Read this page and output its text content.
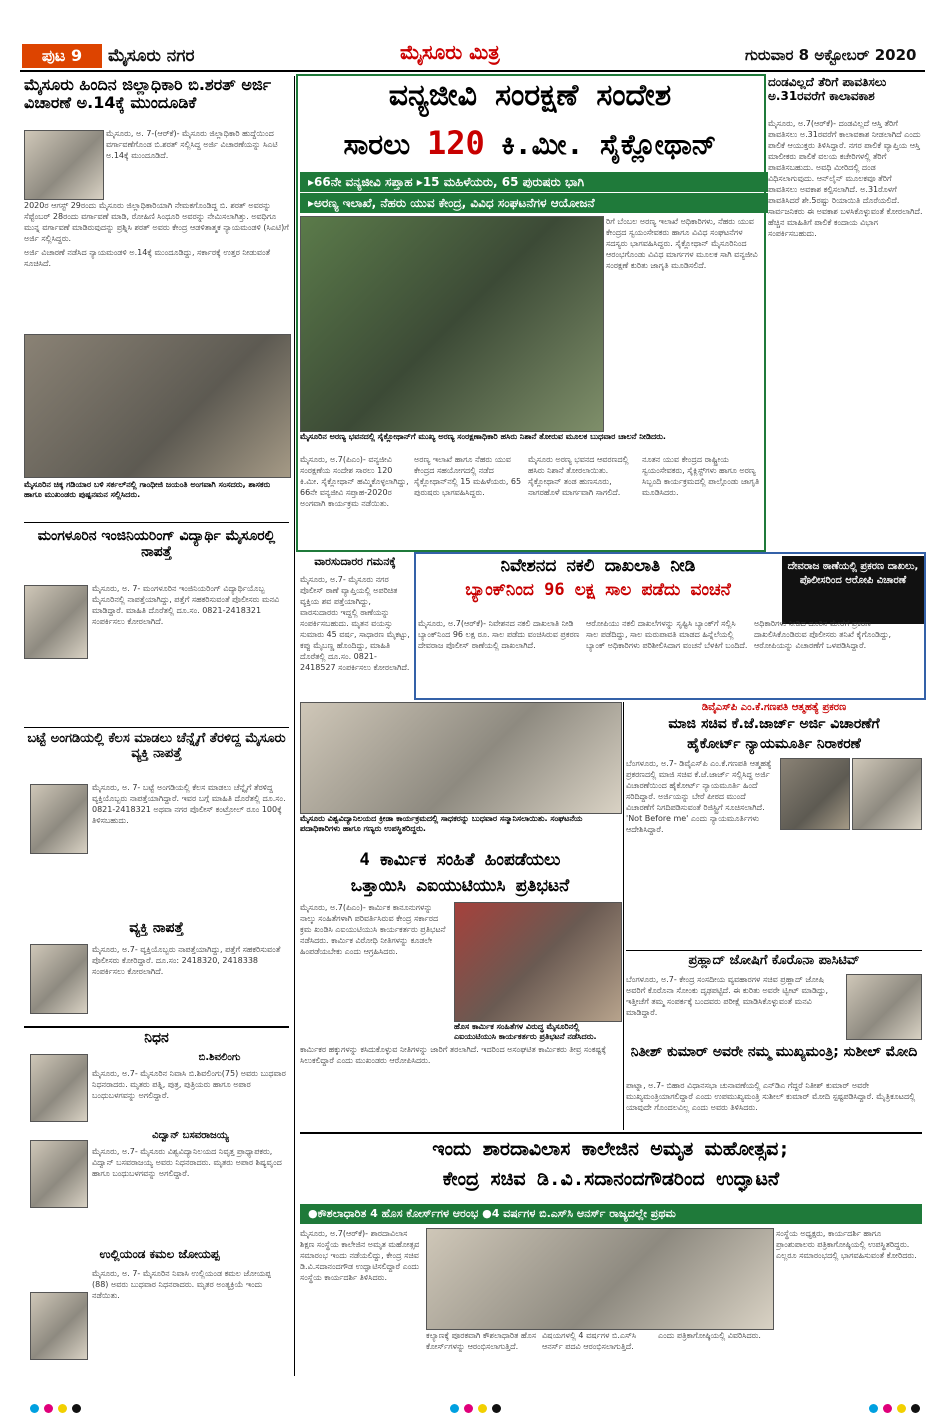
ಪುಟ 9	ಮೈಸೂರು ನಗರ	ಮೈಸೂರು ಮಿತ್ರ	ಗುರುವಾರ 8 ಅಕ್ಟೋಬರ್ 2020
ಮೈಸೂರು ಹಿಂದಿನ ಜಿಲ್ಲಾಧಿಕಾರಿ ಬಿ.ಶರತ್ ಅರ್ಜಿ ವಿಚಾರಣೆ ಅ.14ಕ್ಕೆ ಮುಂದೂಡಿಕೆ

ಮೈಸೂರು, ಅ. 7-(ಆರ್‌ಕೆ)- ಮೈಸೂರು ಜಿಲ್ಲಾಧಿಕಾರಿ ಹುದ್ದೆಯಿಂದ ವರ್ಗಾವಣೆಗೊಂಡ ಬಿ.ಶರತ್ ಸಲ್ಲಿಸಿದ್ದ ಅರ್ಜಿ ವಿಚಾರಣೆಯನ್ನು ಸಿಎಟಿ ಅ.14ಕ್ಕೆ ಮುಂದೂಡಿದೆ.

2020ರ ಆಗಸ್ಟ್ 29ರಂದು ಮೈಸೂರು ಜಿಲ್ಲಾಧಿಕಾರಿಯಾಗಿ ನೇಮಕಗೊಂಡಿದ್ದ ಬಿ. ಶರತ್ ಅವರನ್ನು ಸೆಪ್ಟೆಂಬರ್ 28ರಂದು ವರ್ಗಾವಣೆ ಮಾಡಿ, ರೋಹಿಣಿ ಸಿಂಧೂರಿ ಅವರನ್ನು ನೇಮಿಸಲಾಗಿತ್ತು. ಅವಧಿಗೂ ಮುನ್ನ ವರ್ಗಾವಣೆ ಮಾಡಿರುವುದನ್ನು ಪ್ರಶ್ನಿಸಿ ಶರತ್ ಅವರು ಕೇಂದ್ರ ಆಡಳಿತಾತ್ಮಕ ನ್ಯಾಯಮಂಡಳಿ (ಸಿಎಟಿ)ಗೆ ಅರ್ಜಿ ಸಲ್ಲಿಸಿದ್ದರು.

ಅರ್ಜಿ ವಿಚಾರಣೆ ನಡೆಸಿದ ನ್ಯಾಯಮಂಡಳಿ ಅ.14ಕ್ಕೆ ಮುಂದೂಡಿದ್ದು, ಸರ್ಕಾರಕ್ಕೆ ಉತ್ತರ ನೀಡುವಂತೆ ಸೂಚಿಸಿದೆ.

ಮೈಸೂರಿನ ಚಿಕ್ಕ ಗಡಿಯಾರ ಬಳಿ ಸರ್ಕಲ್‌ನಲ್ಲಿ ಗಾಂಧೀಜಿ ಜಯಂತಿ ಅಂಗವಾಗಿ ಸಂಸದರು, ಶಾಸಕರು ಹಾಗೂ ಮುಖಂಡರು ಪುಷ್ಪನಮನ ಸಲ್ಲಿಸಿದರು.
ಮಂಗಳೂರಿನ ಇಂಜಿನಿಯರಿಂಗ್ ವಿದ್ಯಾರ್ಥಿ ಮೈಸೂರಲ್ಲಿ ನಾಪತ್ತೆ
ಮೈಸೂರು, ಅ. 7- ಮಂಗಳೂರಿನ ಇಂಜಿನಿಯರಿಂಗ್ ವಿದ್ಯಾರ್ಥಿಯೊಬ್ಬ ಮೈಸೂರಿನಲ್ಲಿ ನಾಪತ್ತೆಯಾಗಿದ್ದು, ಪತ್ತೆಗೆ ಸಹಕರಿಸುವಂತೆ ಪೊಲೀಸರು ಮನವಿ ಮಾಡಿದ್ದಾರೆ. ಮಾಹಿತಿ ದೊರೆತಲ್ಲಿ ದೂ.ಸಂ. 0821-2418321 ಸಂಪರ್ಕಿಸಲು ಕೋರಲಾಗಿದೆ.
ಬಟ್ಟೆ ಅಂಗಡಿಯಲ್ಲಿ ಕೆಲಸ ಮಾಡಲು ಚೆನ್ನೈಗೆ ತೆರಳಿದ್ದ ಮೈಸೂರು ವ್ಯಕ್ತಿ ನಾಪತ್ತೆ
ಮೈಸೂರು, ಅ. 7- ಬಟ್ಟೆ ಅಂಗಡಿಯಲ್ಲಿ ಕೆಲಸ ಮಾಡಲು ಚೆನ್ನೈಗೆ ತೆರಳಿದ್ದ ವ್ಯಕ್ತಿಯೊಬ್ಬರು ನಾಪತ್ತೆಯಾಗಿದ್ದಾರೆ. ಇವರ ಬಗ್ಗೆ ಮಾಹಿತಿ ದೊರೆತಲ್ಲಿ ದೂ.ಸಂ. 0821-2418321 ಅಥವಾ ನಗರ ಪೊಲೀಸ್ ಕಂಟ್ರೋಲ್ ರೂಂ 100ಕ್ಕೆ ತಿಳಿಸಬಹುದು.
ವ್ಯಕ್ತಿ ನಾಪತ್ತೆ
ಮೈಸೂರು, ಅ.7- ವ್ಯಕ್ತಿಯೊಬ್ಬರು ನಾಪತ್ತೆಯಾಗಿದ್ದು, ಪತ್ತೆಗೆ ಸಹಕರಿಸುವಂತೆ ಪೊಲೀಸರು ಕೋರಿದ್ದಾರೆ. ದೂ.ಸಂ: 2418320, 2418338 ಸಂಪರ್ಕಿಸಲು ಕೋರಲಾಗಿದೆ.
ನಿಧನ
ಬಿ.ಶಿವಲಿಂಗು
ಮೈಸೂರು, ಅ.7- ಮೈಸೂರಿನ ನಿವಾಸಿ ಬಿ.ಶಿವಲಿಂಗು(75) ಅವರು ಬುಧವಾರ ನಿಧನರಾದರು. ಮೃತರು ಪತ್ನಿ, ಪುತ್ರ, ಪುತ್ರಿಯರು ಹಾಗೂ ಅಪಾರ ಬಂಧುಬಳಗವನ್ನು ಅಗಲಿದ್ದಾರೆ.
ವಿದ್ವಾನ್ ಬಸವರಾಜಯ್ಯ
ಮೈಸೂರು, ಅ.7- ಮೈಸೂರು ವಿಶ್ವವಿದ್ಯಾನಿಲಯದ ನಿವೃತ್ತ ಪ್ರಾಧ್ಯಾಪಕರು, ವಿದ್ವಾನ್ ಬಸವರಾಜಯ್ಯ ಅವರು ನಿಧನರಾದರು. ಮೃತರು ಅಪಾರ ಶಿಷ್ಯವೃಂದ ಹಾಗೂ ಬಂಧುಬಳಗವನ್ನು ಅಗಲಿದ್ದಾರೆ.
ಉಲ್ಲಿಯಂಡ ಕಮಲ ಜೋಯಪ್ಪ
ಮೈಸೂರು, ಅ. 7- ಮೈಸೂರಿನ ನಿವಾಸಿ ಉಲ್ಲಿಯಂಡ ಕಮಲ ಜೋಯಪ್ಪ (88) ಅವರು ಬುಧವಾರ ನಿಧನರಾದರು. ಮೃತರ ಅಂತ್ಯಕ್ರಿಯೆ ಇಂದು ನಡೆಯಿತು.
ವನ್ಯಜೀವಿ ಸಂರಕ್ಷಣೆ ಸಂದೇಶ
ಸಾರಲು 120 ಕಿ.ಮೀ. ಸೈಕ್ಲೋಥಾನ್
▸66ನೇ ವನ್ಯಜೀವಿ ಸಪ್ತಾಹ ▸15 ಮಹಿಳೆಯರು, 65 ಪುರುಷರು ಭಾಗಿ
▸ಅರಣ್ಯ ಇಲಾಖೆ, ನೆಹರು ಯುವ ಕೇಂದ್ರ, ವಿವಿಧ ಸಂಘಟನೆಗಳ ಆಯೋಜನೆ
ರಿಗೆ ಬೆಂಬಲ ಅರಣ್ಯ ಇಲಾಖೆ ಅಧಿಕಾರಿಗಳು, ನೆಹರು ಯುವ ಕೇಂದ್ರದ ಸ್ವಯಂಸೇವಕರು ಹಾಗೂ ವಿವಿಧ ಸಂಘಟನೆಗಳ ಸದಸ್ಯರು ಭಾಗವಹಿಸಿದ್ದರು. ಸೈಕ್ಲೋಥಾನ್ ಮೈಸೂರಿನಿಂದ ಆರಂಭಗೊಂಡು ವಿವಿಧ ಮಾರ್ಗಗಳ ಮೂಲಕ ಸಾಗಿ ವನ್ಯಜೀವಿ ಸಂರಕ್ಷಣೆ ಕುರಿತು ಜಾಗೃತಿ ಮೂಡಿಸಲಿದೆ.
ಮೈಸೂರಿನ ಅರಣ್ಯ ಭವನದಲ್ಲಿ ಸೈಕ್ಲೋಥಾನ್‌ಗೆ ಮುಖ್ಯ ಅರಣ್ಯ ಸಂರಕ್ಷಣಾಧಿಕಾರಿ ಹಸಿರು ನಿಶಾನೆ ತೋರುವ ಮೂಲಕ ಬುಧವಾರ ಚಾಲನೆ ನೀಡಿದರು.
ಮೈಸೂರು, ಅ.7(ಪಿಎಂ)- ವನ್ಯಜೀವಿ ಸಂರಕ್ಷಣೆಯ ಸಂದೇಶ ಸಾರಲು 120 ಕಿ.ಮೀ. ಸೈಕ್ಲೋಥಾನ್ ಹಮ್ಮಿಕೊಳ್ಳಲಾಗಿದ್ದು, 66ನೇ ವನ್ಯಜೀವಿ ಸಪ್ತಾಹ-2020ರ ಅಂಗವಾಗಿ ಕಾರ್ಯಕ್ರಮ ನಡೆಯಿತು.
ಅರಣ್ಯ ಇಲಾಖೆ ಹಾಗೂ ನೆಹರು ಯುವ ಕೇಂದ್ರದ ಸಹಯೋಗದಲ್ಲಿ ನಡೆದ ಸೈಕ್ಲೋಥಾನ್‌ನಲ್ಲಿ 15 ಮಹಿಳೆಯರು, 65 ಪುರುಷರು ಭಾಗವಹಿಸಿದ್ದರು.
ಮೈಸೂರು ಅರಣ್ಯ ಭವನದ ಆವರಣದಲ್ಲಿ ಹಸಿರು ನಿಶಾನೆ ತೋರಲಾಯಿತು. ಸೈಕ್ಲೋಥಾನ್ ತಂಡ ಹುಣಸೂರು, ನಾಗರಹೊಳೆ ಮಾರ್ಗವಾಗಿ ಸಾಗಲಿದೆ.
ನೂತನ ಯುವ ಕೇಂದ್ರದ ರಾಷ್ಟ್ರೀಯ ಸ್ವಯಂಸೇವಕರು, ಸೈಕ್ಲಿಸ್ಟ್‌ಗಳು ಹಾಗೂ ಅರಣ್ಯ ಸಿಬ್ಬಂದಿ ಕಾರ್ಯಕ್ರಮದಲ್ಲಿ ಪಾಲ್ಗೊಂಡು ಜಾಗೃತಿ ಮೂಡಿಸಿದರು.
ದಂಡವಿಲ್ಲದೆ ತೆರಿಗೆ ಪಾವತಿಸಲು ಅ.31ರವರೆಗೆ ಕಾಲಾವಕಾಶ
ಮೈಸೂರು, ಅ.7(ಆರ್‌ಕೆ)- ದಂಡವಿಲ್ಲದೆ ಆಸ್ತಿ ತೆರಿಗೆ ಪಾವತಿಸಲು ಅ.31ರವರೆಗೆ ಕಾಲಾವಕಾಶ ನೀಡಲಾಗಿದೆ ಎಂದು ಪಾಲಿಕೆ ಆಯುಕ್ತರು ತಿಳಿಸಿದ್ದಾರೆ. ನಗರ ಪಾಲಿಕೆ ವ್ಯಾಪ್ತಿಯ ಆಸ್ತಿ ಮಾಲೀಕರು ಪಾಲಿಕೆ ವಲಯ ಕಚೇರಿಗಳಲ್ಲಿ ತೆರಿಗೆ ಪಾವತಿಸಬಹುದು. ಅವಧಿ ಮೀರಿದಲ್ಲಿ ದಂಡ ವಿಧಿಸಲಾಗುವುದು. ಆನ್‌ಲೈನ್ ಮೂಲಕವೂ ತೆರಿಗೆ ಪಾವತಿಸಲು ಅವಕಾಶ ಕಲ್ಪಿಸಲಾಗಿದೆ. ಅ.31ರೊಳಗೆ ಪಾವತಿಸಿದರೆ ಶೇ.5ರಷ್ಟು ರಿಯಾಯಿತಿ ದೊರೆಯಲಿದೆ. ಸಾರ್ವಜನಿಕರು ಈ ಅವಕಾಶ ಬಳಸಿಕೊಳ್ಳುವಂತೆ ಕೋರಲಾಗಿದೆ. ಹೆಚ್ಚಿನ ಮಾಹಿತಿಗೆ ಪಾಲಿಕೆ ಕಂದಾಯ ವಿಭಾಗ ಸಂಪರ್ಕಿಸಬಹುದು.
ವಾರಸುದಾರರ ಗಮನಕ್ಕೆ
ಮೈಸೂರು, ಅ.7- ಮೈಸೂರು ನಗರ ಪೊಲೀಸ್ ಠಾಣೆ ವ್ಯಾಪ್ತಿಯಲ್ಲಿ ಅಪರಿಚಿತ ವ್ಯಕ್ತಿಯ ಶವ ಪತ್ತೆಯಾಗಿದ್ದು, ವಾರಸುದಾರರು ಇದ್ದಲ್ಲಿ ಠಾಣೆಯನ್ನು ಸಂಪರ್ಕಿಸಬಹುದು. ಮೃತನ ವಯಸ್ಸು ಸುಮಾರು 45 ವರ್ಷ, ಸಾಧಾರಣ ಮೈಕಟ್ಟು, ಕಪ್ಪು ಮೈಬಣ್ಣ ಹೊಂದಿದ್ದು, ಮಾಹಿತಿ ದೊರೆತಲ್ಲಿ ದೂ.ಸಂ. 0821-2418527 ಸಂಪರ್ಕಿಸಲು ಕೋರಲಾಗಿದೆ.
ನಿವೇಶನದ ನಕಲಿ ದಾಖಲಾತಿ ನೀಡಿ
ಬ್ಯಾಂಕ್‌ನಿಂದ 96 ಲಕ್ಷ ಸಾಲ ಪಡೆದು ವಂಚನೆ
ದೇವರಾಜ ಠಾಣೆಯಲ್ಲಿ ಪ್ರಕರಣ ದಾಖಲು, ಪೊಲೀಸರಿಂದ ಆರೋಪಿ ವಿಚಾರಣೆ
ಮೈಸೂರು, ಅ.7(ಆರ್‌ಕೆ)- ನಿವೇಶನದ ನಕಲಿ ದಾಖಲಾತಿ ನೀಡಿ ಬ್ಯಾಂಕ್‌ನಿಂದ 96 ಲಕ್ಷ ರೂ. ಸಾಲ ಪಡೆದು ವಂಚಿಸಿರುವ ಪ್ರಕರಣ ದೇವರಾಜ ಪೊಲೀಸ್ ಠಾಣೆಯಲ್ಲಿ ದಾಖಲಾಗಿದೆ.
ಆರೋಪಿಯು ನಕಲಿ ದಾಖಲೆಗಳನ್ನು ಸೃಷ್ಟಿಸಿ ಬ್ಯಾಂಕ್‌ಗೆ ಸಲ್ಲಿಸಿ ಸಾಲ ಪಡೆದಿದ್ದು, ಸಾಲ ಮರುಪಾವತಿ ಮಾಡದ ಹಿನ್ನೆಲೆಯಲ್ಲಿ ಬ್ಯಾಂಕ್ ಅಧಿಕಾರಿಗಳು ಪರಿಶೀಲಿಸಿದಾಗ ವಂಚನೆ ಬೆಳಕಿಗೆ ಬಂದಿದೆ.
ಅಧಿಕಾರಿಗಳು ನೀಡಿದ ದೂರಿನ ಮೇರೆಗೆ ಪ್ರಕರಣ ದಾಖಲಿಸಿಕೊಂಡಿರುವ ಪೊಲೀಸರು ತನಿಖೆ ಕೈಗೊಂಡಿದ್ದು, ಆರೋಪಿಯನ್ನು ವಿಚಾರಣೆಗೆ ಒಳಪಡಿಸಿದ್ದಾರೆ.
ಮೈಸೂರು ವಿಶ್ವವಿದ್ಯಾನಿಲಯದ ಕ್ರೀಡಾ ಕಾರ್ಯಕ್ರಮದಲ್ಲಿ ಸಾಧಕರನ್ನು ಬುಧವಾರ ಸನ್ಮಾನಿಸಲಾಯಿತು. ಸಂಘಟನೆಯ ಪದಾಧಿಕಾರಿಗಳು ಹಾಗೂ ಗಣ್ಯರು ಉಪಸ್ಥಿತರಿದ್ದರು.
4 ಕಾರ್ಮಿಕ ಸಂಹಿತೆ ಹಿಂಪಡೆಯಲು
ಒತ್ತಾಯಿಸಿ ಎಐಯುಟಿಯುಸಿ ಪ್ರತಿಭಟನೆ
ಮೈಸೂರು, ಅ.7(ಪಿಎಂ)- ಕಾರ್ಮಿಕ ಕಾನೂನುಗಳನ್ನು ನಾಲ್ಕು ಸಂಹಿತೆಗಳಾಗಿ ಪರಿವರ್ತಿಸಿರುವ ಕೇಂದ್ರ ಸರ್ಕಾರದ ಕ್ರಮ ಖಂಡಿಸಿ ಎಐಯುಟಿಯುಸಿ ಕಾರ್ಯಕರ್ತರು ಪ್ರತಿಭಟನೆ ನಡೆಸಿದರು. ಕಾರ್ಮಿಕ ವಿರೋಧಿ ನೀತಿಗಳನ್ನು ಕೂಡಲೇ ಹಿಂಪಡೆಯಬೇಕು ಎಂದು ಆಗ್ರಹಿಸಿದರು.
ಹೊಸ ಕಾರ್ಮಿಕ ಸಂಹಿತೆಗಳ ವಿರುದ್ಧ ಮೈಸೂರಿನಲ್ಲಿ ಎಐಯುಟಿಯುಸಿ ಕಾರ್ಯಕರ್ತರು ಪ್ರತಿಭಟನೆ ನಡೆಸಿದರು.
ಕಾರ್ಮಿಕರ ಹಕ್ಕುಗಳನ್ನು ಕಸಿದುಕೊಳ್ಳುವ ನೀತಿಗಳನ್ನು ಜಾರಿಗೆ ತರಲಾಗಿದೆ. ಇದರಿಂದ ಅಸಂಘಟಿತ ಕಾರ್ಮಿಕರು ತೀವ್ರ ಸಂಕಷ್ಟಕ್ಕೆ ಸಿಲುಕಲಿದ್ದಾರೆ ಎಂದು ಮುಖಂಡರು ಆರೋಪಿಸಿದರು.
ಡಿವೈಎಸ್‌ಪಿ ಎಂ.ಕೆ.ಗಣಪತಿ ಆತ್ಮಹತ್ಯೆ ಪ್ರಕರಣ
ಮಾಜಿ ಸಚಿವ ಕೆ.ಜೆ.ಜಾರ್ಜ್ ಅರ್ಜಿ ವಿಚಾರಣೆಗೆ
ಹೈಕೋರ್ಟ್ ನ್ಯಾಯಮೂರ್ತಿ ನಿರಾಕರಣೆ
ಬೆಂಗಳೂರು, ಅ.7- ಡಿವೈಎಸ್‌ಪಿ ಎಂ.ಕೆ.ಗಣಪತಿ ಆತ್ಮಹತ್ಯೆ ಪ್ರಕರಣದಲ್ಲಿ ಮಾಜಿ ಸಚಿವ ಕೆ.ಜೆ.ಜಾರ್ಜ್ ಸಲ್ಲಿಸಿದ್ದ ಅರ್ಜಿ ವಿಚಾರಣೆಯಿಂದ ಹೈಕೋರ್ಟ್ ನ್ಯಾಯಮೂರ್ತಿ ಹಿಂದೆ ಸರಿದಿದ್ದಾರೆ. ಅರ್ಜಿಯನ್ನು ಬೇರೆ ಪೀಠದ ಮುಂದೆ ವಿಚಾರಣೆಗೆ ನಿಗದಿಪಡಿಸುವಂತೆ ರಿಜಿಸ್ಟ್ರಿಗೆ ಸೂಚಿಸಲಾಗಿದೆ. 'Not Before me' ಎಂದು ನ್ಯಾಯಮೂರ್ತಿಗಳು ಆದೇಶಿಸಿದ್ದಾರೆ.
ಪ್ರಹ್ಲಾದ್ ಜೋಷಿಗೆ ಕೊರೊನಾ ಪಾಸಿಟಿವ್
ಬೆಂಗಳೂರು, ಅ.7- ಕೇಂದ್ರ ಸಂಸದೀಯ ವ್ಯವಹಾರಗಳ ಸಚಿವ ಪ್ರಹ್ಲಾದ್ ಜೋಷಿ ಅವರಿಗೆ ಕೊರೊನಾ ಸೋಂಕು ದೃಢಪಟ್ಟಿದೆ. ಈ ಕುರಿತು ಅವರೇ ಟ್ವೀಟ್ ಮಾಡಿದ್ದು, ಇತ್ತೀಚೆಗೆ ತಮ್ಮ ಸಂಪರ್ಕಕ್ಕೆ ಬಂದವರು ಪರೀಕ್ಷೆ ಮಾಡಿಸಿಕೊಳ್ಳುವಂತೆ ಮನವಿ ಮಾಡಿದ್ದಾರೆ.
ನಿತೀಶ್ ಕುಮಾರ್ ಅವರೇ ನಮ್ಮ ಮುಖ್ಯಮಂತ್ರಿ; ಸುಶೀಲ್ ಮೋದಿ
ಪಾಟ್ನಾ, ಅ.7- ಬಿಹಾರ ವಿಧಾನಸಭಾ ಚುನಾವಣೆಯಲ್ಲಿ ಎನ್‌ಡಿಎ ಗೆದ್ದರೆ ನಿತೀಶ್ ಕುಮಾರ್ ಅವರೇ ಮುಖ್ಯಮಂತ್ರಿಯಾಗಲಿದ್ದಾರೆ ಎಂದು ಉಪಮುಖ್ಯಮಂತ್ರಿ ಸುಶೀಲ್ ಕುಮಾರ್ ಮೋದಿ ಸ್ಪಷ್ಟಪಡಿಸಿದ್ದಾರೆ. ಮೈತ್ರಿಕೂಟದಲ್ಲಿ ಯಾವುದೇ ಗೊಂದಲವಿಲ್ಲ ಎಂದು ಅವರು ತಿಳಿಸಿದರು.
ಇಂದು ಶಾರದಾವಿಲಾಸ ಕಾಲೇಜಿನ ಅಮೃತ ಮಹೋತ್ಸವ;
ಕೇಂದ್ರ ಸಚಿವ ಡಿ.ವಿ.ಸದಾನಂದಗೌಡರಿಂದ ಉದ್ಘಾಟನೆ
●ಕೌಶಲಾಧಾರಿತ 4 ಹೊಸ ಕೋರ್ಸ್‌ಗಳ ಆರಂಭ ●4 ವರ್ಷಗಳ ಬಿ.ಎಸ್‌ಸಿ ಆನರ್ಸ್ ರಾಜ್ಯದಲ್ಲೇ ಪ್ರಥಮ
ಮೈಸೂರು, ಅ.7(ಆರ್‌ಕೆ)- ಶಾರದಾವಿಲಾಸ ಶಿಕ್ಷಣ ಸಂಸ್ಥೆಯ ಕಾಲೇಜಿನ ಅಮೃತ ಮಹೋತ್ಸವ ಸಮಾರಂಭ ಇಂದು ನಡೆಯಲಿದ್ದು, ಕೇಂದ್ರ ಸಚಿವ ಡಿ.ವಿ.ಸದಾನಂದಗೌಡ ಉದ್ಘಾಟಿಸಲಿದ್ದಾರೆ ಎಂದು ಸಂಸ್ಥೆಯ ಕಾರ್ಯದರ್ಶಿ ತಿಳಿಸಿದರು.
ಕಲ್ಯಾಣಕ್ಕೆ ಪೂರಕವಾಗಿ ಕೌಶಲಾಧಾರಿತ ಹೊಸ ಕೋರ್ಸ್‌ಗಳನ್ನು ಆರಂಭಿಸಲಾಗುತ್ತಿದೆ.
ವಿಷಯಗಳಲ್ಲಿ 4 ವರ್ಷಗಳ ಬಿ.ಎಸ್‌ಸಿ ಆನರ್ಸ್ ಪದವಿ ಆರಂಭಿಸಲಾಗುತ್ತಿದೆ.
ಎಂದು ಪತ್ರಿಕಾಗೋಷ್ಠಿಯಲ್ಲಿ ವಿವರಿಸಿದರು.
ಸಂಸ್ಥೆಯ ಅಧ್ಯಕ್ಷರು, ಕಾರ್ಯದರ್ಶಿ ಹಾಗೂ ಪ್ರಾಂಶುಪಾಲರು ಪತ್ರಿಕಾಗೋಷ್ಠಿಯಲ್ಲಿ ಉಪಸ್ಥಿತರಿದ್ದರು. ಎಲ್ಲರೂ ಸಮಾರಂಭದಲ್ಲಿ ಭಾಗವಹಿಸುವಂತೆ ಕೋರಿದರು.
